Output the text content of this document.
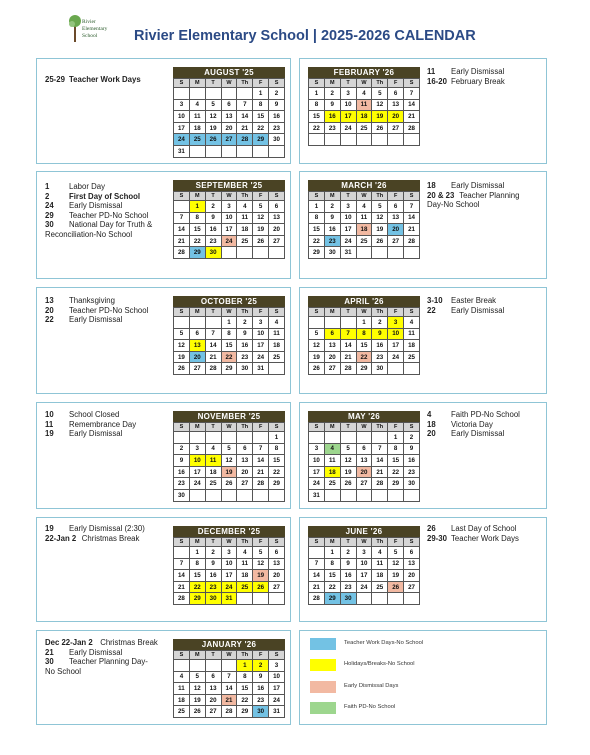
Rivier
Elementary
School	Rivier Elementary School | 2025-2026 CALENDAR
25-29 Teacher Work Days
AUGUST '25
S	M	T	W	Th	F	S
					1	2
3	4	5	6	7	8	9
10	11	12	13	14	15	16
17	18	19	20	21	22	23
24	25	26	27	28	29	30
31						
FEBRUARY '26
S	M	T	W	Th	F	S
1	2	3	4	5	6	7
8	9	10	11	12	13	14
15	16	17	18	19	20	21
22	23	24	25	26	27	28

11 Early Dismissal
16-20 February Break
1	Labor Day
2	First Day of School
24 Early Dismissal
29 Teacher PD-No School
30 National Day for Truth &
Reconciliation-No School
SEPTEMBER '25
S	M	T	W	Th	F	S
	1	2	3	4	5	6
7	8	9	10	11	12	13
14	15	16	17	18	19	20
21	22	23	24	25	26	27
28	29	30				
MARCH '26
S	M	T	W	Th	F	S
1	2	3	4	5	6	7
8	9	10	11	12	13	14
15	16	17	18	19	20	21
22	23	24	25	26	27	28
29	30	31				
18 Early Dismissal
20 & 23 Teacher Planning
Day-No School
13 Thanksgiving
20 Teacher PD-No School
22 Early Dismissal
OCTOBER '25
S	M	T	W	Th	F	S
			1	2	3	4
5	6	7	8	9	10	11
12	13	14	15	16	17	18
19	20	21	22	23	24	25
26	27	28	29	30	31	
APRIL '26
S	M	T	W	Th	F	S
			1	2	3	4
5	6	7	8	9	10	11
12	13	14	15	16	17	18
19	20	21	22	23	24	25
26	27	28	29	30		
3-10 Easter Break
22 Early Dismissal
10 School Closed
11 Remembrance Day
19 Early Dismissal
NOVEMBER '25
S	M	T	W	Th	F	S
						1
2	3	4	5	6	7	8
9	10	11	12	13	14	15
16	17	18	19	20	21	22
23	24	25	26	27	28	29
30						
MAY '26
S	M	T	W	Th	F	S
					1	2
3	4	5	6	7	8	9
10	11	12	13	14	15	16
17	18	19	20	21	22	23
24	25	26	27	28	29	30
31						
4	Faith PD-No School
18 Victoria Day
20 Early Dismissal
19 Early Dismissal (2:30)
22-Jan 2 Christmas Break
DECEMBER '25
S	M	T	W	Th	F	S
	1	2	3	4	5	6
7	8	9	10	11	12	13
14	15	16	17	18	19	20
21	22	23	24	25	26	27
28	29	30	31			
JUNE '26
S	M	T	W	Th	F	S
	1	2	3	4	5	6
7	8	9	10	11	12	13
14	15	16	17	18	19	20
21	22	23	24	25	26	27
28	29	30				
26 Last Day of School
29-30 Teacher Work Days
Dec 22-Jan 2 Christmas Break
21 Early Dismissal
30 Teacher Planning Day-
No School
JANUARY '26
S	M	T	W	Th	F	S
				1	2	3
4	5	6	7	8	9	10
11	12	13	14	15	16	17
18	19	20	21	22	23	24
25	26	27	28	29	30	31
Teacher Work Days-No School
Holidays/Breaks-No School
Early Dismissal Days
Faith PD-No School
